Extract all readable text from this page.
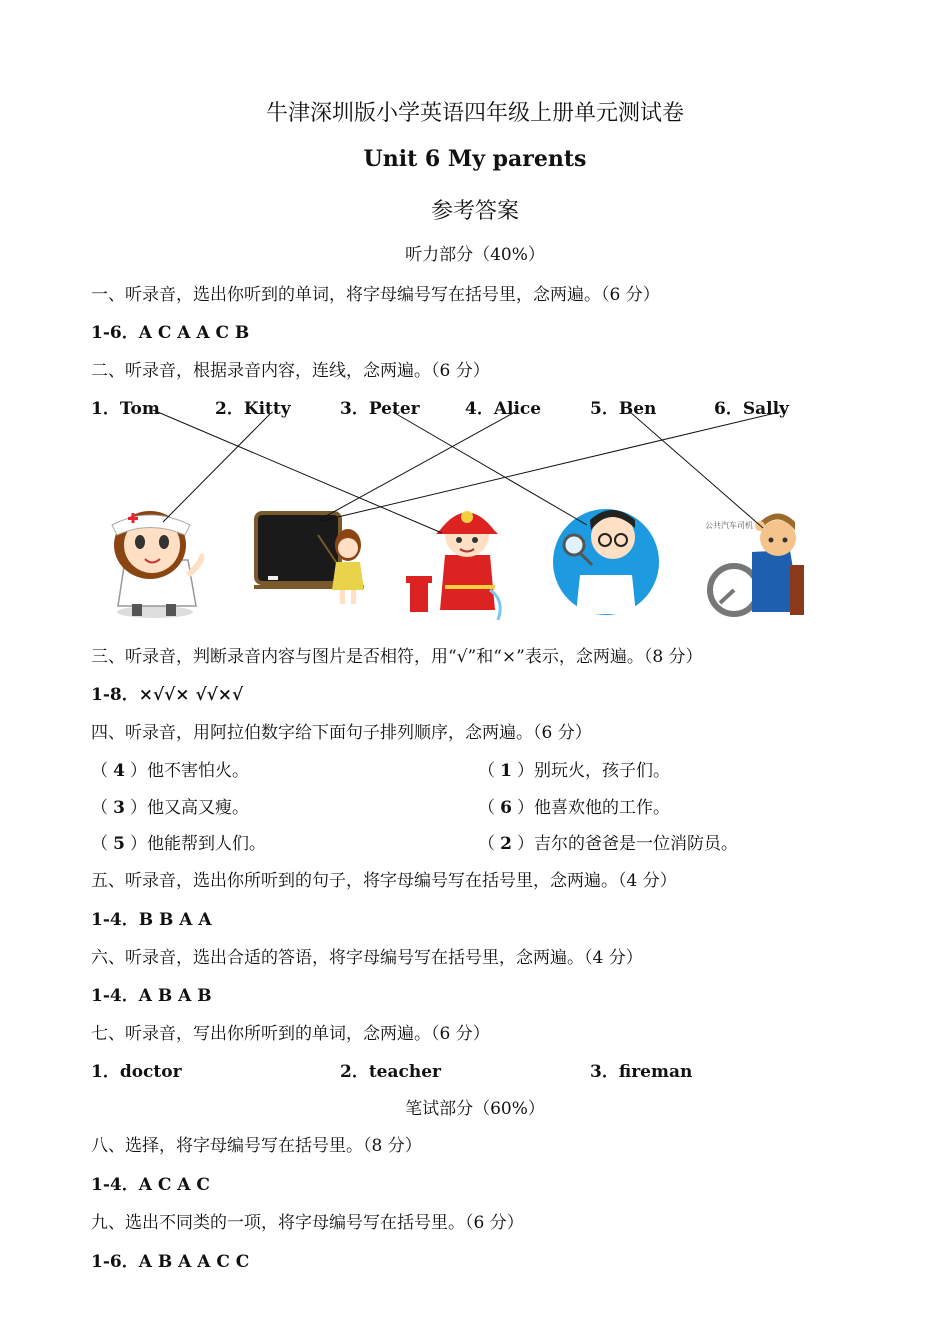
牛津深圳版小学英语四年级上册单元测试卷
Unit 6 My parents
参考答案
听力部分（40%）
一、听录音，选出你听到的单词，将字母编号写在括号里，念两遍。（6 分）
1-6．A C A A C B
二、听录音，根据录音内容，连线，念两遍。（6 分）
1．Tom	2．Kitty	3．Peter	4．Alice	5．Ben	6．Sally
公共汽车司机
三、听录音，判断录音内容与图片是否相符，用“√”和“×”表示，念两遍。（8 分）
1-8．×√√× √√×√
四、听录音，用阿拉伯数字给下面句子排列顺序，念两遍。（6 分）
（ 4 ）他不害怕火。	（ 1 ）别玩火，孩子们。
（ 3 ）他又高又瘦。	（ 6 ）他喜欢他的工作。
（ 5 ）他能帮到人们。	（ 2 ）吉尔的爸爸是一位消防员。
五、听录音，选出你所听到的句子，将字母编号写在括号里，念两遍。（4 分）
1-4．B B A A
六、听录音，选出合适的答语，将字母编号写在括号里，念两遍。（4 分）
1-4．A B A B
七、听录音，写出你所听到的单词，念两遍。（6 分）
1．doctor	2．teacher	3．fireman
笔试部分（60%）
八、选择，将字母编号写在括号里。（8 分）
1-4．A C A C
九、选出不同类的一项，将字母编号写在括号里。（6 分）
1-6．A B A A C C
